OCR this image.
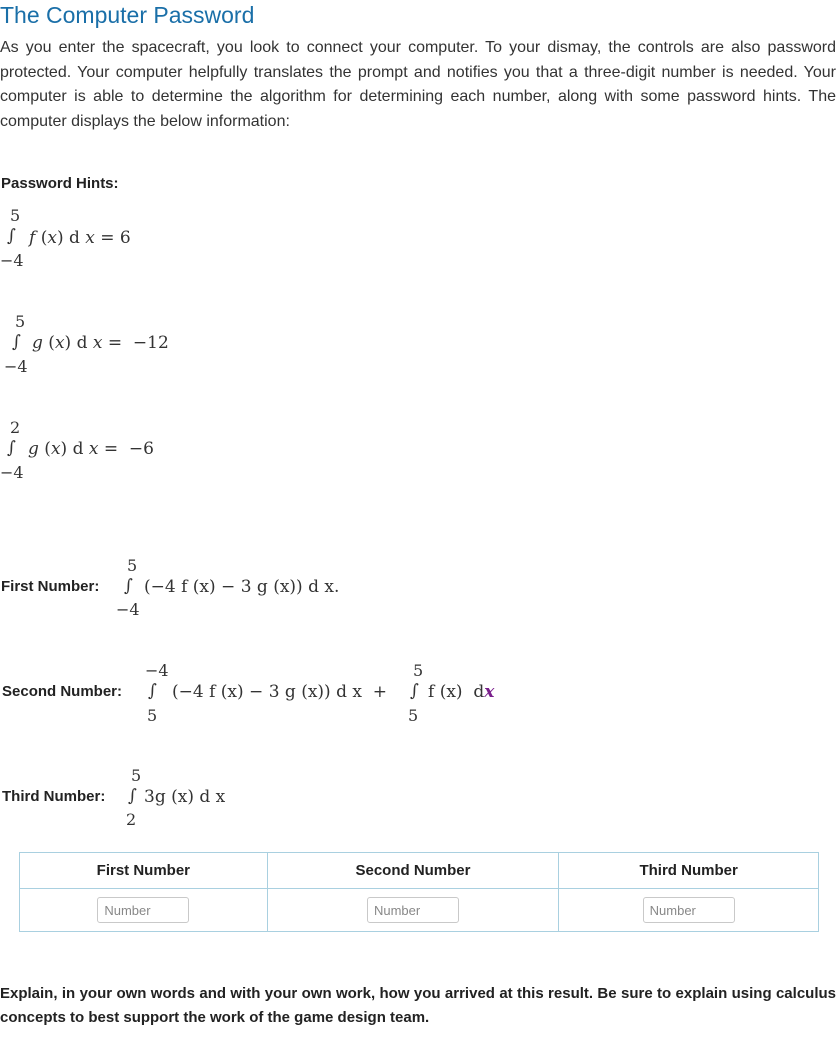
The Computer Password

As you enter the spacecraft, you look to connect your computer. To your dismay, the controls are also password protected. Your computer helpfully translates the prompt and notifies you that a three-digit number is needed. Your computer is able to determine the algorithm for determining each number, along with some password hints. The computer displays the below information:

Password Hints:
5
∫
−4
f (x) d x = 6
5
∫
−4
g (x) d x =  −12
2
∫
−4
g (x) d x =  −6
First Number:
5
∫
−4
(−4 f (x) − 3 g (x)) d x.
Second Number:
−4
∫
5
(−4 f (x) − 3 g (x)) d x  +
5
∫
5
f (x)  dx
Third Number:
5
∫
2
3g (x) d x
First Number	Second Number	Third Number
Number	Number	Number

Explain, in your own words and with your own work, how you arrived at this result. Be sure to explain using calculus concepts to best support the work of the game design team.
